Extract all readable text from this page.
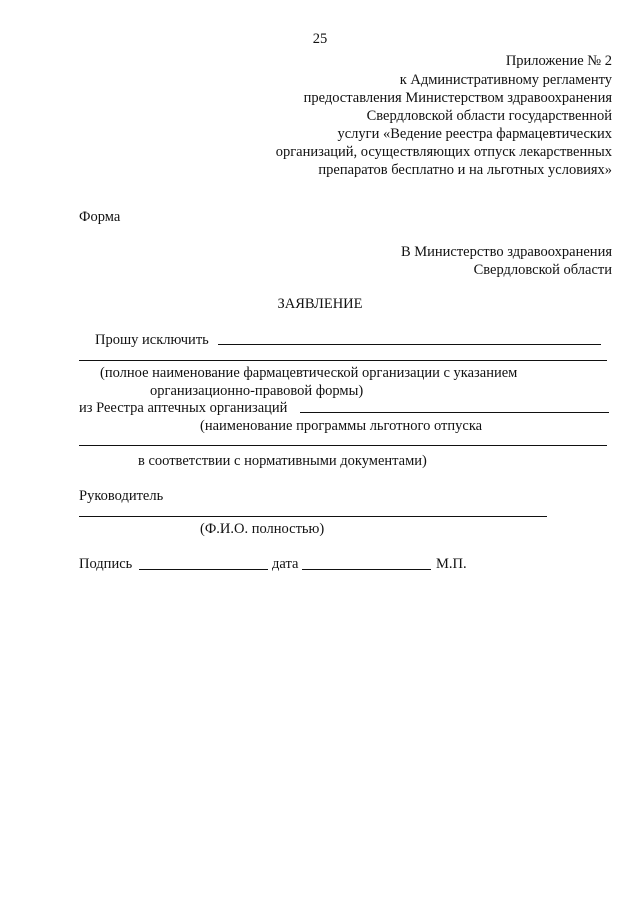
25
Приложение № 2
к Административному регламенту
предоставления Министерством здравоохранения
Свердловской области государственной
услуги «Ведение реестра фармацевтических
организаций, осуществляющих отпуск лекарственных
препаратов бесплатно и на льготных условиях»
Форма
В Министерство здравоохранения
Свердловской области
ЗАЯВЛЕНИЕ
Прошу исключить
(полное наименование фармацевтической организации с указанием
организационно-правовой формы)
из Реестра аптечных организаций
(наименование программы льготного отпуска
в соответствии с нормативными документами)
Руководитель
(Ф.И.О. полностью)
Подпись	дата	М.П.
